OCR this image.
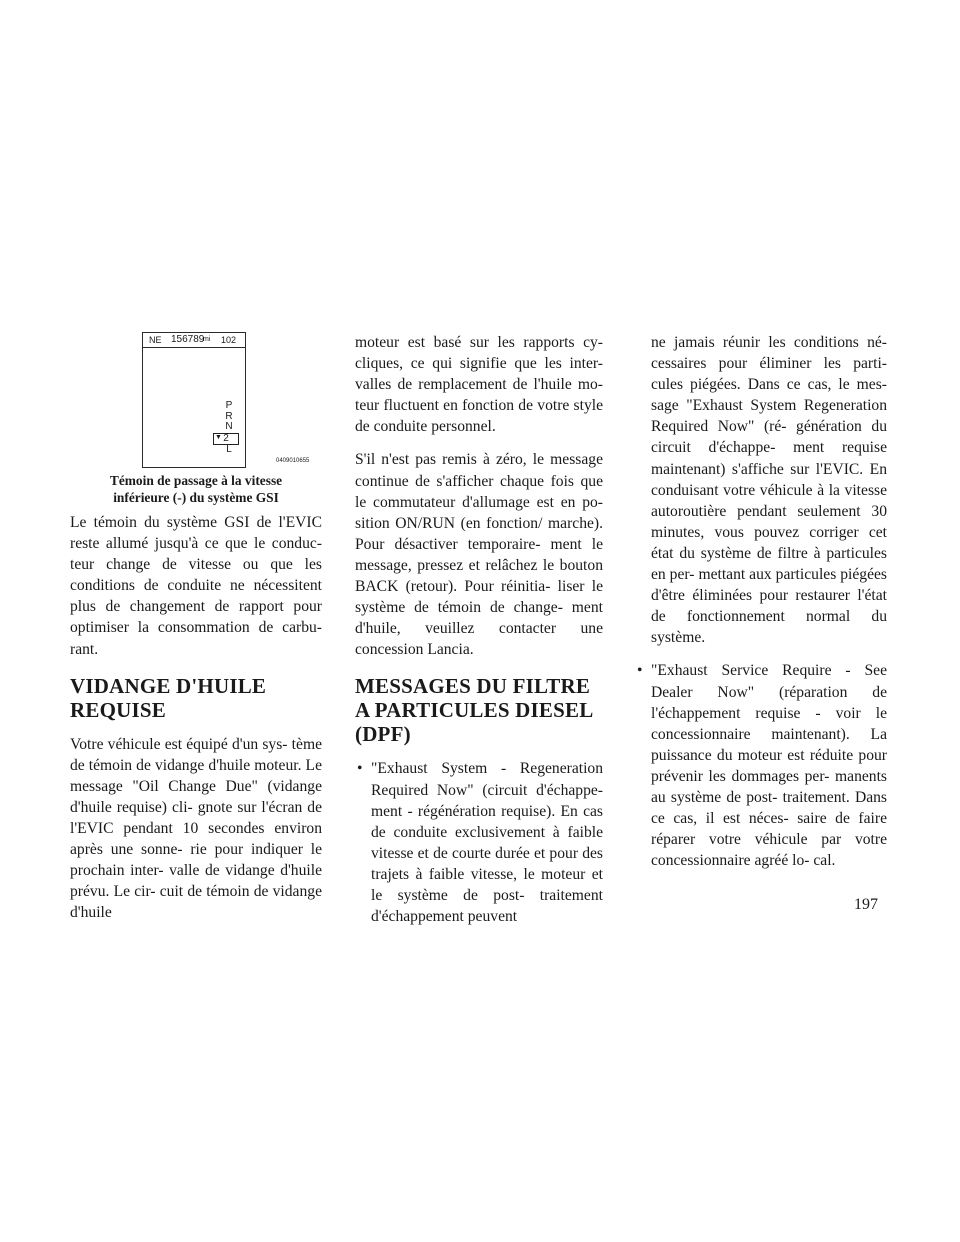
NE 156789
mi 102
P
R
N
▼ 2
L
0409010655
Témoin de passage à la vitesse
inférieure (-) du système GSI

Le témoin du système GSI de l'EVIC reste allumé jusqu'à ce que le conduc- teur change de vitesse ou que les conditions de conduite ne nécessitent plus de changement de rapport pour optimiser la consommation de carbu- rant.

VIDANGE D'HUILE REQUISE

Votre véhicule est équipé d'un sys- tème de témoin de vidange d'huile moteur. Le message "Oil Change Due" (vidange d'huile requise) cli- gnote sur l'écran de l'EVIC pendant 10 secondes environ après une sonne- rie pour indiquer le prochain inter- valle de vidange d'huile prévu. Le cir- cuit de témoin de vidange d'huile

moteur est basé sur les rapports cy- cliques, ce qui signifie que les inter- valles de remplacement de l'huile mo- teur fluctuent en fonction de votre style de conduite personnel.

S'il n'est pas remis à zéro, le message continue de s'afficher chaque fois que le commutateur d'allumage est en po- sition ON/RUN (en fonction/ marche). Pour désactiver temporaire- ment le message, pressez et relâchez le bouton BACK (retour). Pour réinitia- liser le système de témoin de change- ment d'huile, veuillez contacter une concession Lancia.

MESSAGES DU FILTRE A PARTICULES DIESEL (DPF)
• "Exhaust System - Regeneration Required Now" (circuit d'échappe- ment - régénération requise). En cas de conduite exclusivement à faible vitesse et de courte durée et pour des trajets à faible vitesse, le moteur et le système de post- traitement d'échappement peuvent

ne jamais réunir les conditions né- cessaires pour éliminer les parti- cules piégées. Dans ce cas, le mes- sage "Exhaust System Regeneration Required Now" (ré- génération du circuit d'échappe- ment requise maintenant) s'affiche sur l'EVIC. En conduisant votre véhicule à la vitesse autoroutière pendant seulement 30 minutes, vous pouvez corriger cet état du système de filtre à particules en per- mettant aux particules piégées d'être éliminées pour restaurer l'état de fonctionnement normal du système.

• "Exhaust Service Require - See Dealer Now" (réparation de l'échappement requise - voir le concessionnaire maintenant). La puissance du moteur est réduite pour prévenir les dommages per- manents au système de post- traitement. Dans ce cas, il est néces- saire de faire réparer votre véhicule par votre concessionnaire agréé lo- cal.

197
